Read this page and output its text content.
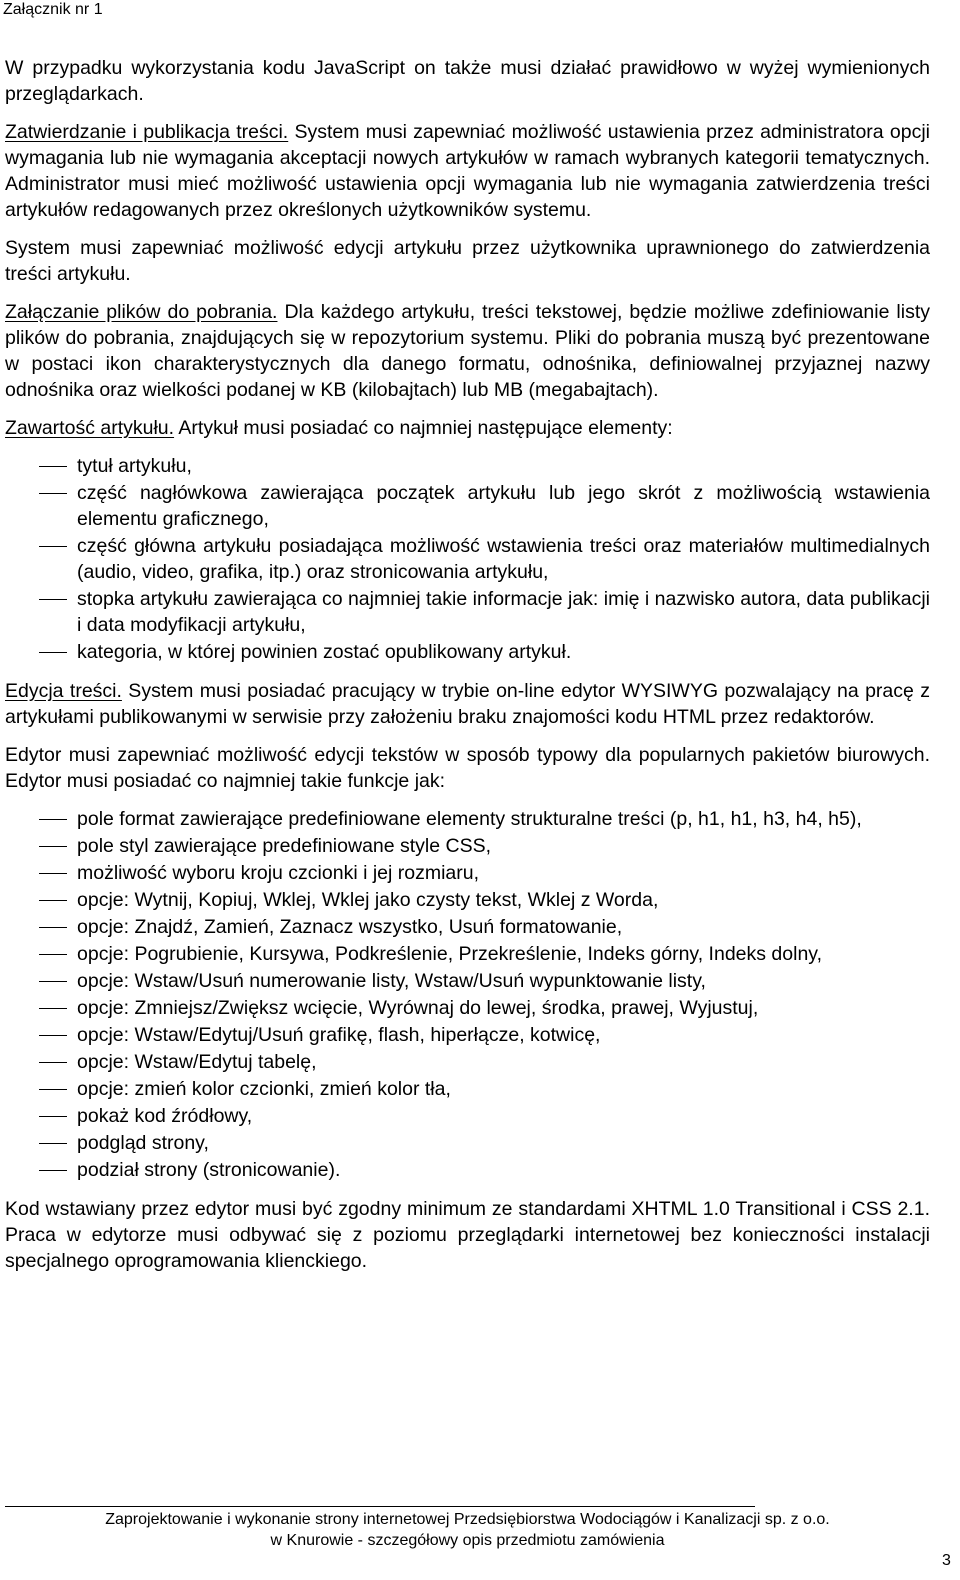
Załącznik nr 1

W przypadku wykorzystania kodu JavaScript on także musi działać prawidłowo w wyżej wymienionych przeglądarkach.

Zatwierdzanie i publikacja treści. System musi zapewniać możliwość ustawienia przez administratora opcji wymagania lub nie wymagania akceptacji nowych artykułów w ramach wybranych kategorii tematycznych. Administrator musi mieć możliwość ustawienia opcji wymagania lub nie wymagania zatwierdzenia treści artykułów redagowanych przez określonych użytkowników systemu.

System musi zapewniać możliwość edycji artykułu przez użytkownika uprawnionego do zatwierdzenia treści artykułu.

Załączanie plików do pobrania. Dla każdego artykułu, treści tekstowej, będzie możliwe zdefiniowanie listy plików do pobrania, znajdujących się w repozytorium systemu. Pliki do pobrania muszą być prezentowane w postaci ikon charakterystycznych dla danego formatu, odnośnika, definiowalnej przyjaznej nazwy odnośnika oraz wielkości podanej w KB (kilobajtach) lub MB (megabajtach).

Zawartość artykułu. Artykuł musi posiadać co najmniej następujące elementy:

tytuł artykułu,
część nagłówkowa zawierająca początek artykułu lub jego skrót z możliwością wstawienia elementu graficznego,
część główna artykułu posiadająca możliwość wstawienia treści oraz materiałów multimedialnych (audio, video, grafika, itp.) oraz stronicowania artykułu,
stopka artykułu zawierająca co najmniej takie informacje jak: imię i nazwisko autora, data publikacji i data modyfikacji artykułu,
kategoria, w której powinien zostać opublikowany artykuł.

Edycja treści. System musi posiadać pracujący w trybie on-line edytor WYSIWYG pozwalający na pracę z artykułami publikowanymi w serwisie przy założeniu braku znajomości kodu HTML przez redaktorów.

Edytor musi zapewniać możliwość edycji tekstów w sposób typowy dla popularnych pakietów biurowych. Edytor musi posiadać co najmniej takie funkcje jak:

pole format zawierające predefiniowane elementy strukturalne treści (p, h1, h1, h3, h4, h5),
pole styl zawierające predefiniowane style CSS,
możliwość wyboru kroju czcionki i jej rozmiaru,
opcje: Wytnij, Kopiuj, Wklej, Wklej jako czysty tekst, Wklej z Worda,
opcje: Znajdź, Zamień, Zaznacz wszystko, Usuń formatowanie,
opcje: Pogrubienie, Kursywa, Podkreślenie, Przekreślenie, Indeks górny, Indeks dolny,
opcje: Wstaw/Usuń numerowanie listy, Wstaw/Usuń wypunktowanie listy,
opcje: Zmniejsz/Zwiększ wcięcie, Wyrównaj do lewej, środka, prawej, Wyjustuj,
opcje: Wstaw/Edytuj/Usuń grafikę, flash, hiperłącze, kotwicę,
opcje: Wstaw/Edytuj tabelę,
opcje: zmień kolor czcionki, zmień kolor tła,
pokaż kod źródłowy,
podgląd strony,
podział strony (stronicowanie).

Kod wstawiany przez edytor musi być zgodny minimum ze standardami XHTML 1.0 Transitional i CSS 2.1. Praca w edytorze musi odbywać się z poziomu przeglądarki internetowej bez konieczności instalacji specjalnego oprogramowania klienckiego.

Zaprojektowanie i wykonanie strony internetowej Przedsiębiorstwa Wodociągów i Kanalizacji sp. z o.o.
w Knurowie - szczegółowy opis przedmiotu zamówienia
3
